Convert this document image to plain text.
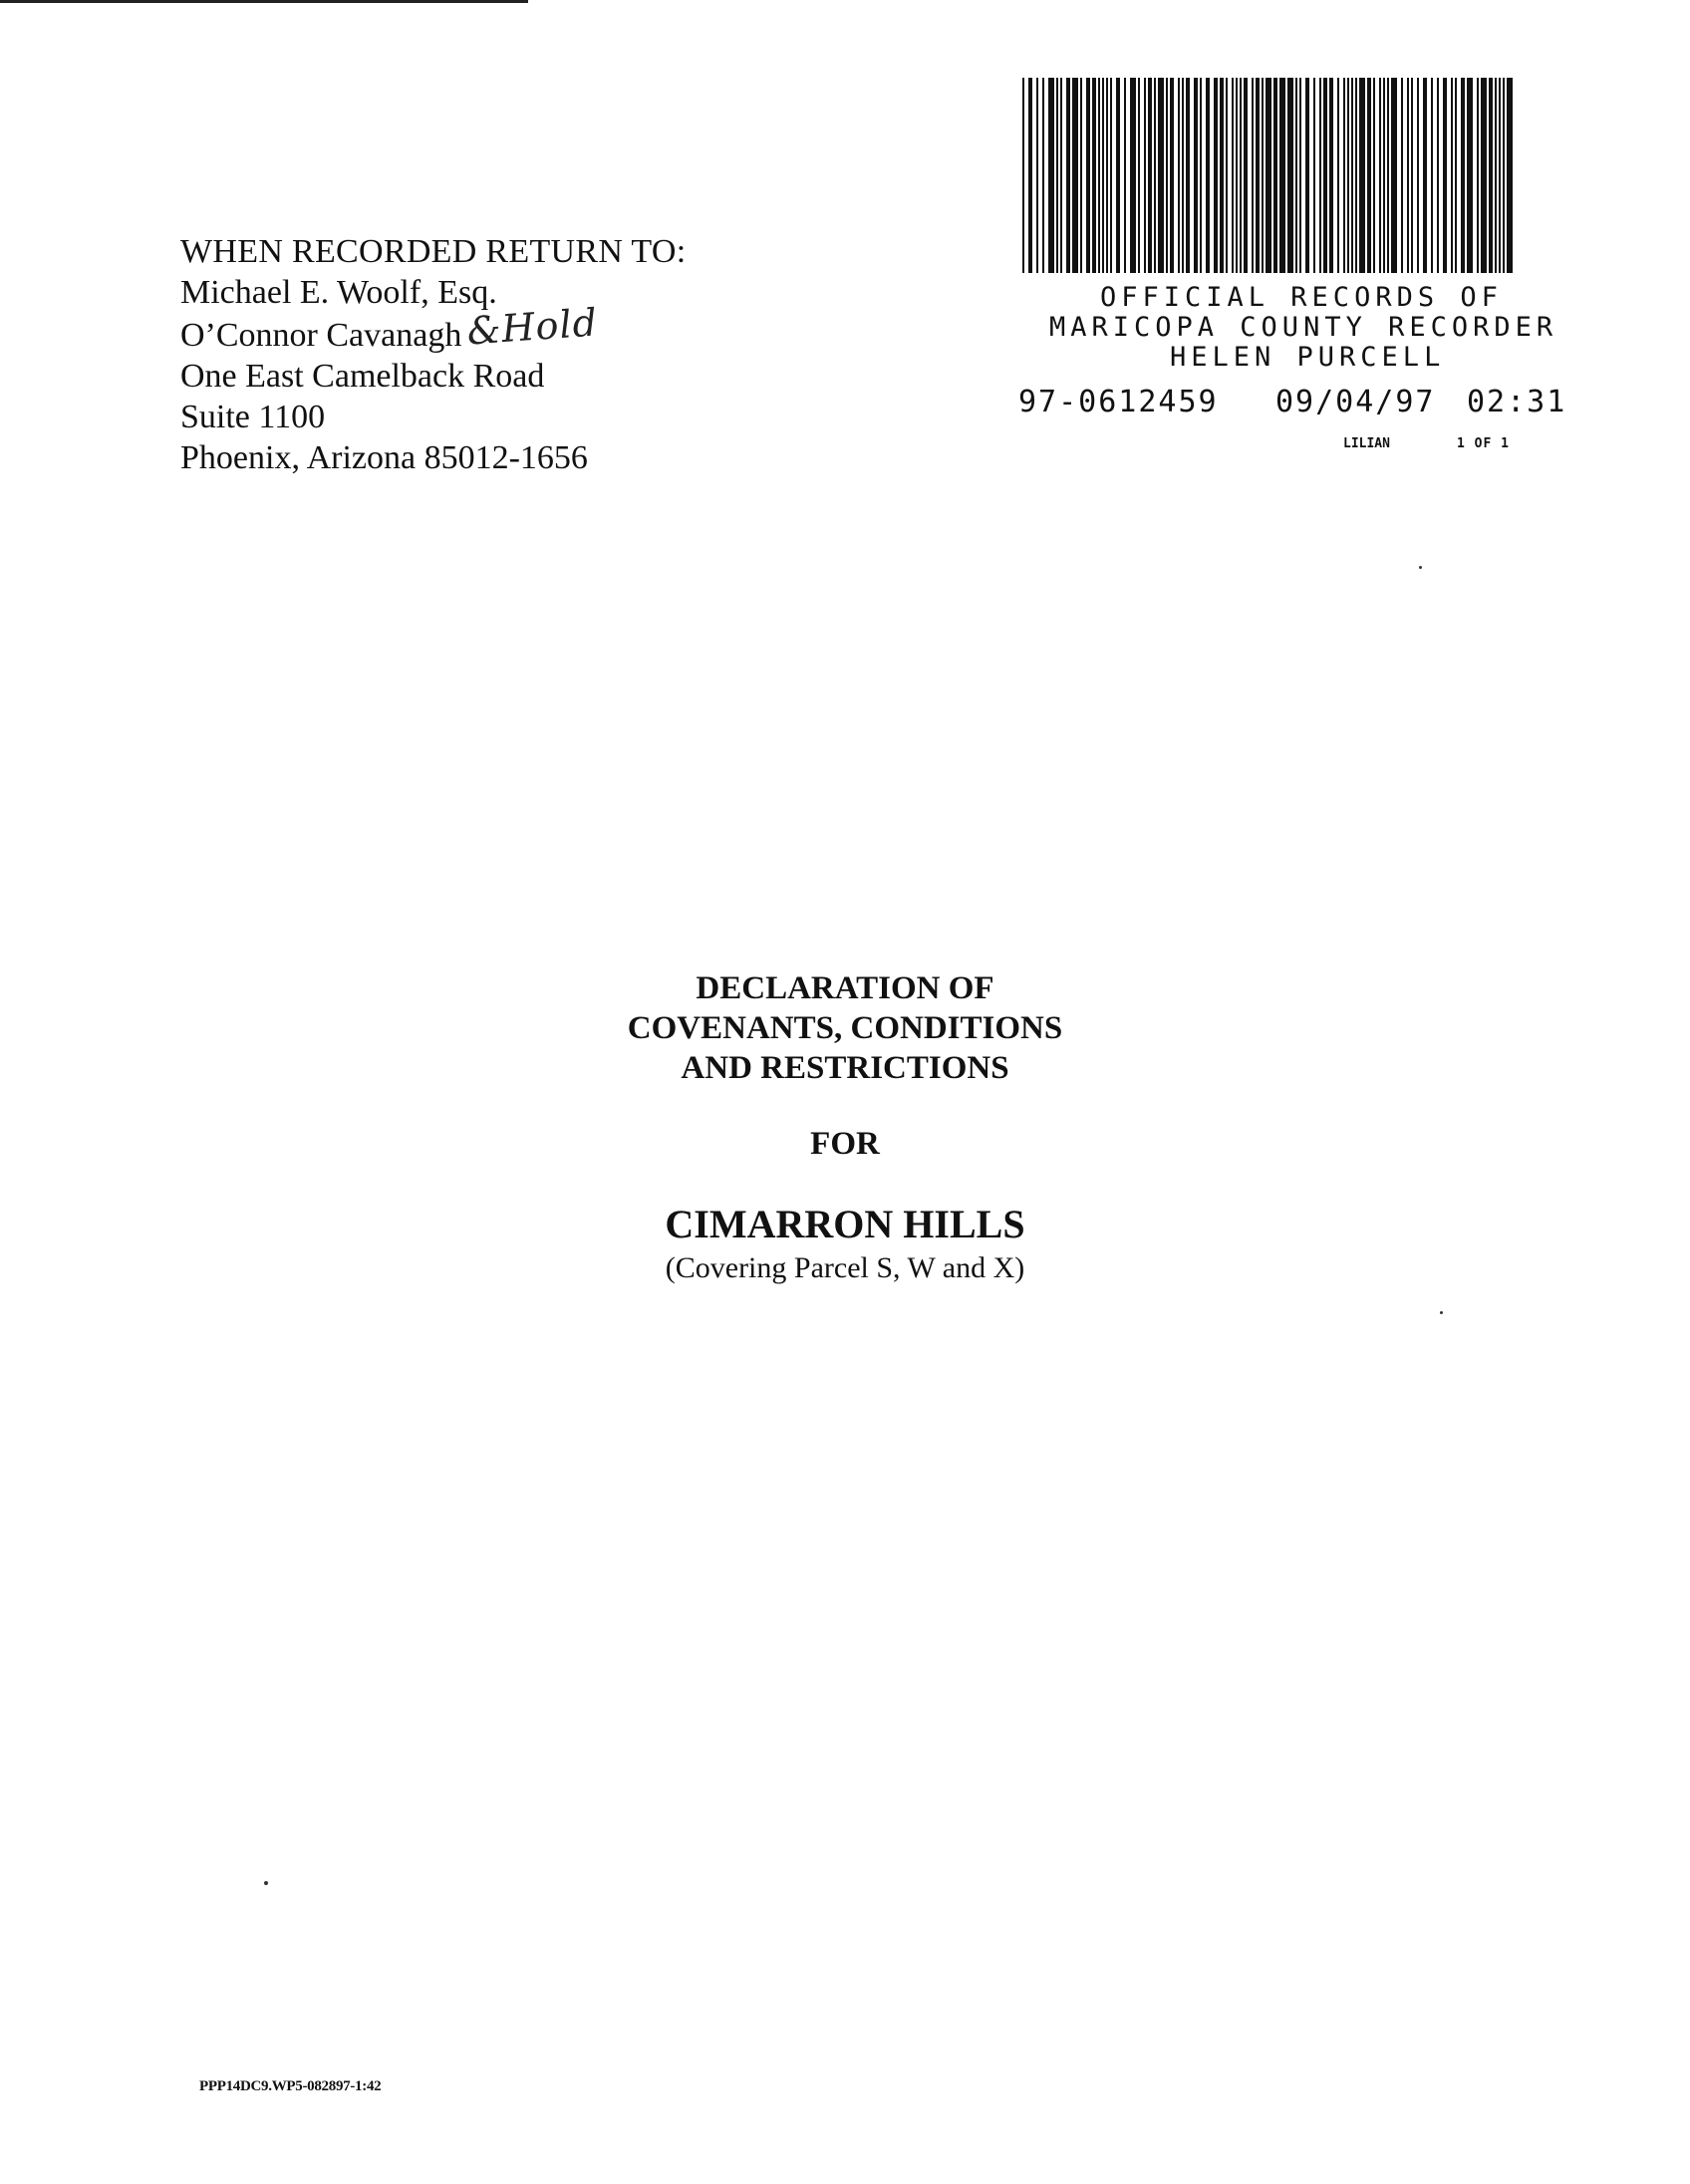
WHEN RECORDED RETURN TO:
Michael E. Woolf, Esq.
O’Connor Cavanagh &Hold
One East Camelback Road
Suite 1100
Phoenix, Arizona 85012-1656
OFFICIAL RECORDS OF
MARICOPA COUNTY RECORDER
HELEN PURCELL
97-0612459 09/04/97 02:31
LILIAN	1 OF 1
DECLARATION OF
COVENANTS, CONDITIONS
AND RESTRICTIONS
FOR
CIMARRON HILLS
(Covering Parcel S, W and X)
PPP14DC9.WP5-082897-1:42
